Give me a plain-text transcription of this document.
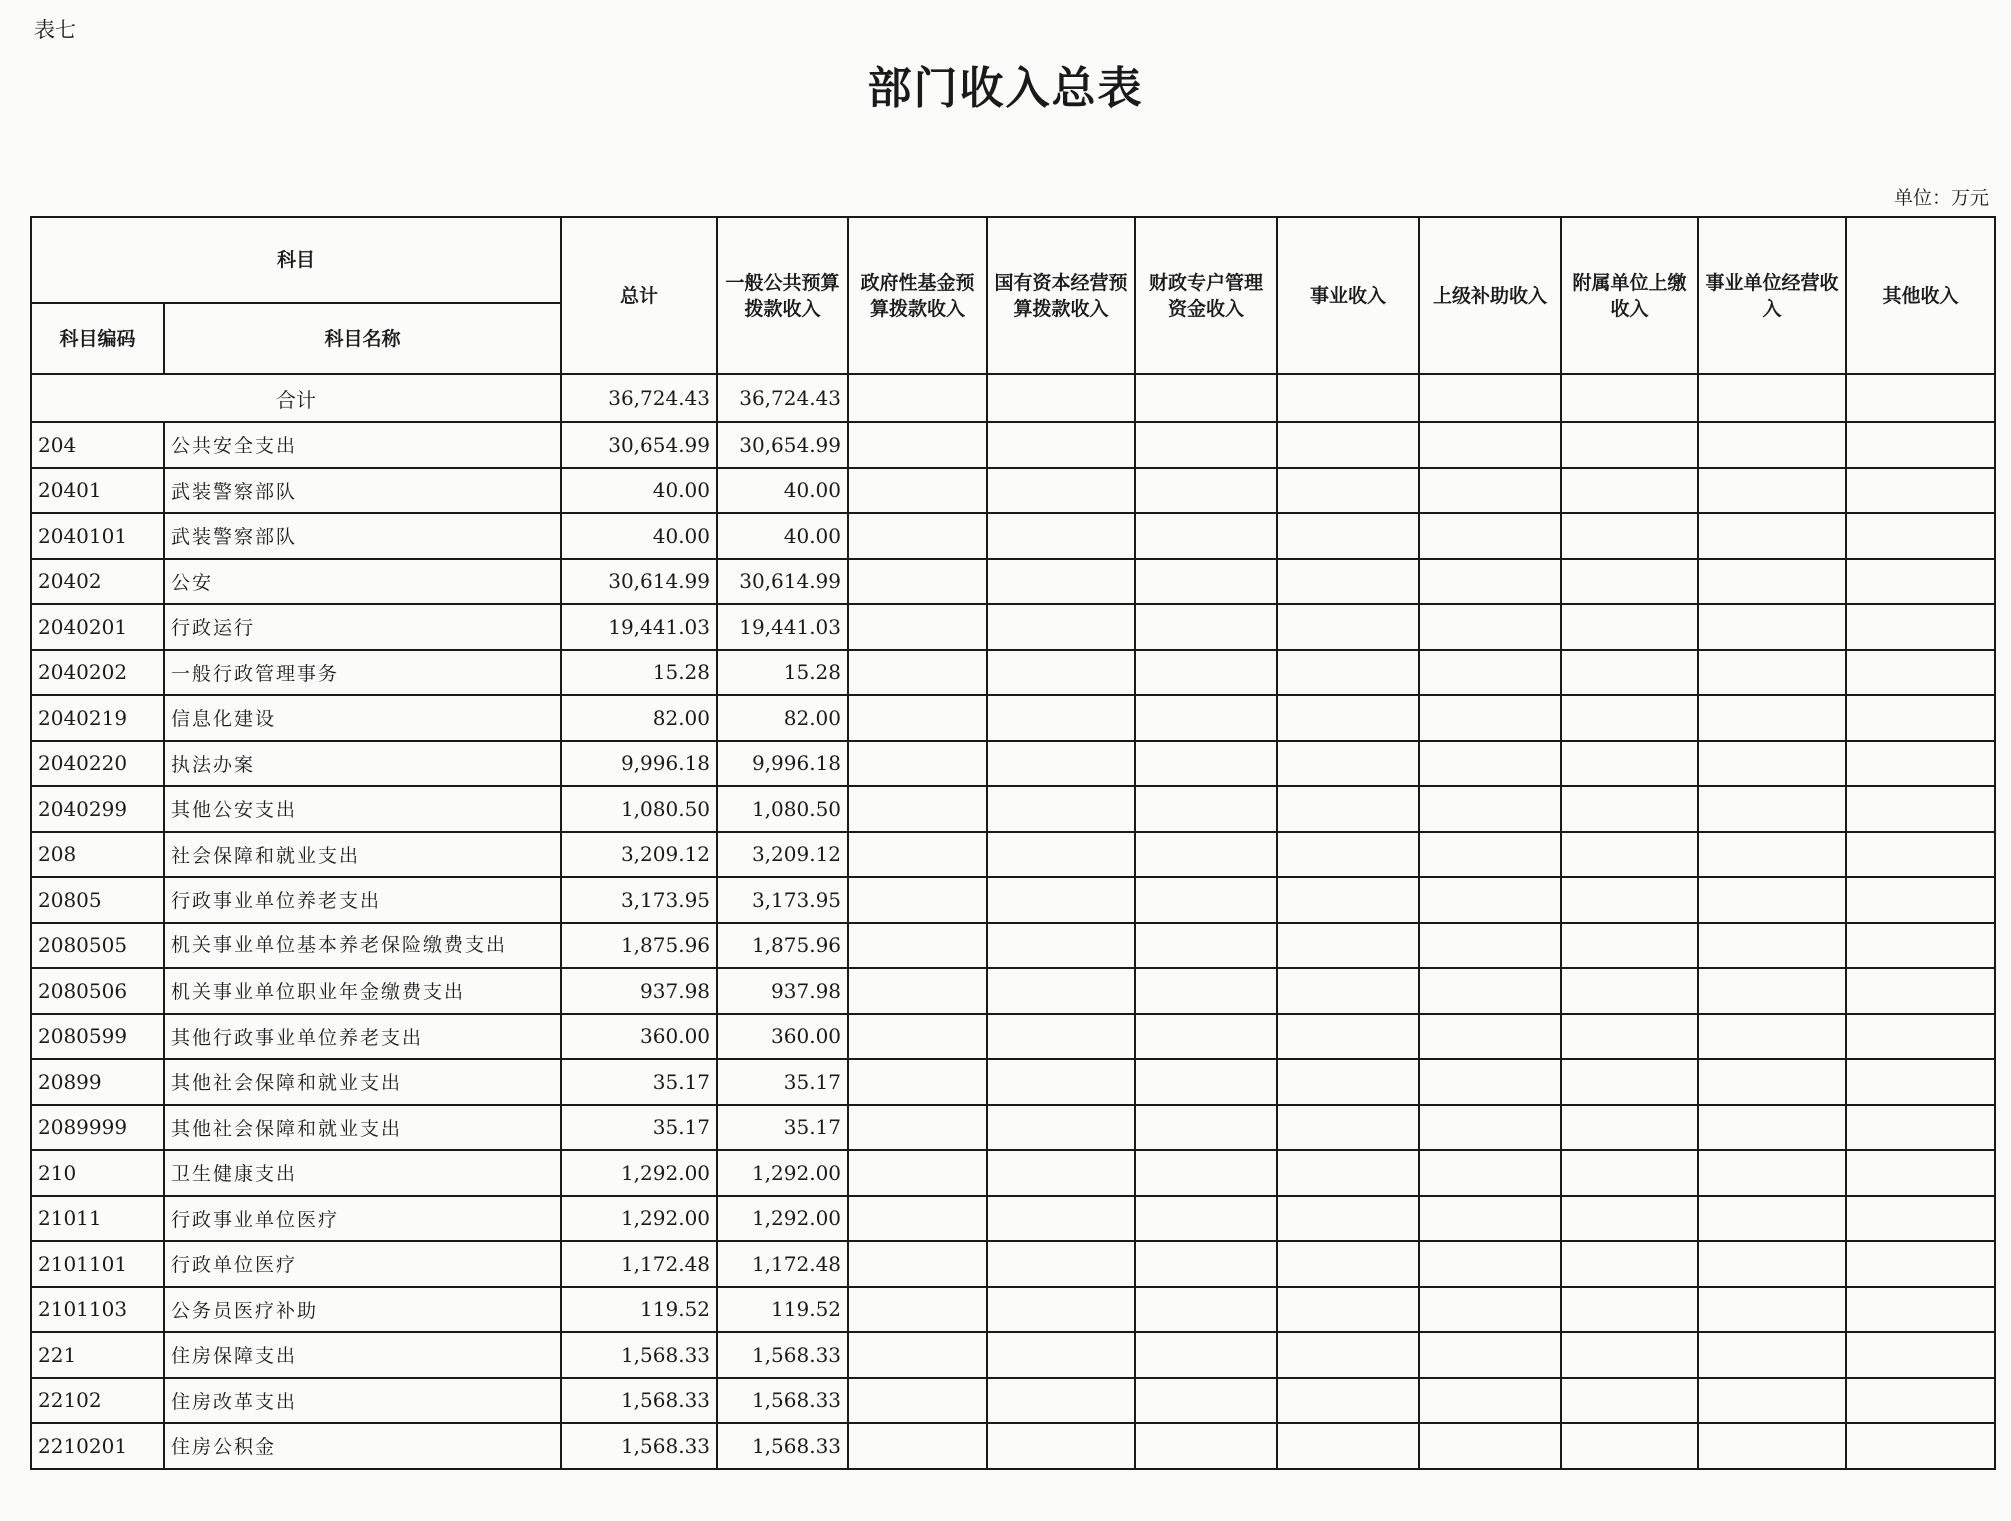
表七
部门收入总表
单位：万元
科目		总计	一般公共预算拨款收入	政府性基金预算拨款收入	国有资本经营预算拨款收入	财政专户管理资金收入	事业收入	上级补助收入	附属单位上缴收入	事业单位经营收入	其他收入
科目编码	科目名称										
合计		36,724.43	36,724.43								
204	公共安全支出	30,654.99	30,654.99								
20401	武装警察部队	40.00	40.00								
2040101	武装警察部队	40.00	40.00								
20402	公安	30,614.99	30,614.99								
2040201	行政运行	19,441.03	19,441.03								
2040202	一般行政管理事务	15.28	15.28								
2040219	信息化建设	82.00	82.00								
2040220	执法办案	9,996.18	9,996.18								
2040299	其他公安支出	1,080.50	1,080.50								
208	社会保障和就业支出	3,209.12	3,209.12								
20805	行政事业单位养老支出	3,173.95	3,173.95								
2080505	机关事业单位基本养老保险缴费支出	1,875.96	1,875.96								
2080506	机关事业单位职业年金缴费支出	937.98	937.98								
2080599	其他行政事业单位养老支出	360.00	360.00								
20899	其他社会保障和就业支出	35.17	35.17								
2089999	其他社会保障和就业支出	35.17	35.17								
210	卫生健康支出	1,292.00	1,292.00								
21011	行政事业单位医疗	1,292.00	1,292.00								
2101101	行政单位医疗	1,172.48	1,172.48								
2101103	公务员医疗补助	119.52	119.52								
221	住房保障支出	1,568.33	1,568.33								
22102	住房改革支出	1,568.33	1,568.33								
2210201	住房公积金	1,568.33	1,568.33								
